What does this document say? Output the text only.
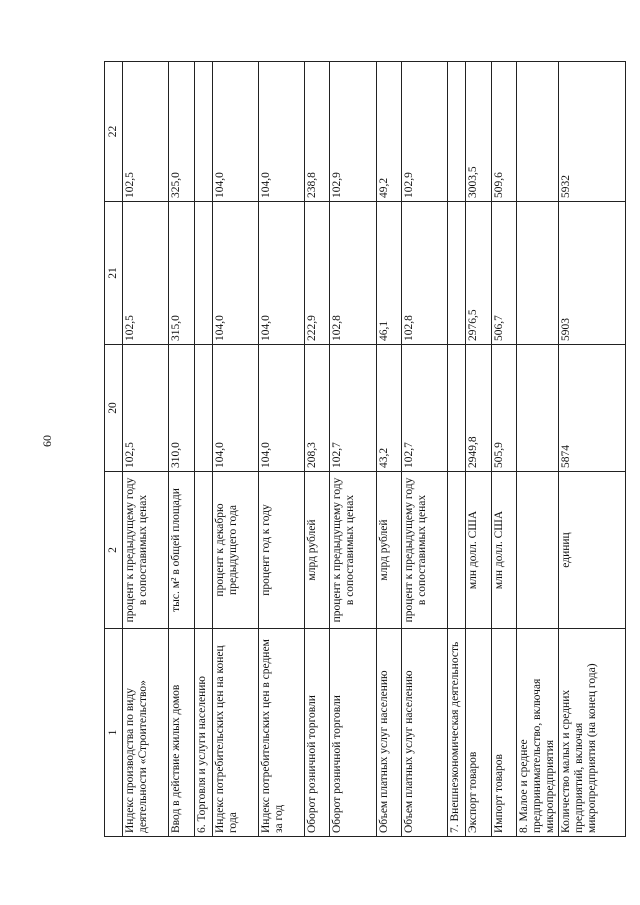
60
1	2	20	21	22
Индекс производства по виду деятельности «Строительство»	процент к предыдущему году в сопоставимых ценах	102,5	102,5	102,5
Ввод в действие жилых домов	тыс. м² в общей площади	310,0	315,0	325,0
6. Торговля и услуги населению				
Индекс потребительских цен на конец года	процент к декабрю предыдущего года	104,0	104,0	104,0
Индекс потребительских цен в среднем за год	процент год к году	104,0	104,0	104,0
Оборот розничной торговли	млрд рублей	208,3	222,9	238,8
Оборот розничной торговли	процент к предыдущему году в сопоставимых ценах	102,7	102,8	102,9
Объем платных услуг населению	млрд рублей	43,2	46,1	49,2
Объем платных услуг населению	процент к предыдущему году в сопоставимых ценах	102,7	102,8	102,9
7. Внешнеэкономическая деятельность				
Экспорт товаров	млн долл. США	2949,8	2976,5	3003,5
Импорт товаров	млн долл. США	505,9	506,7	509,6
8. Малое и среднее предпринимательство, включая микропредприятия				
Количество малых и средних предприятий, включая микропредприятия (на конец года)	единиц	5874	5903	5932
